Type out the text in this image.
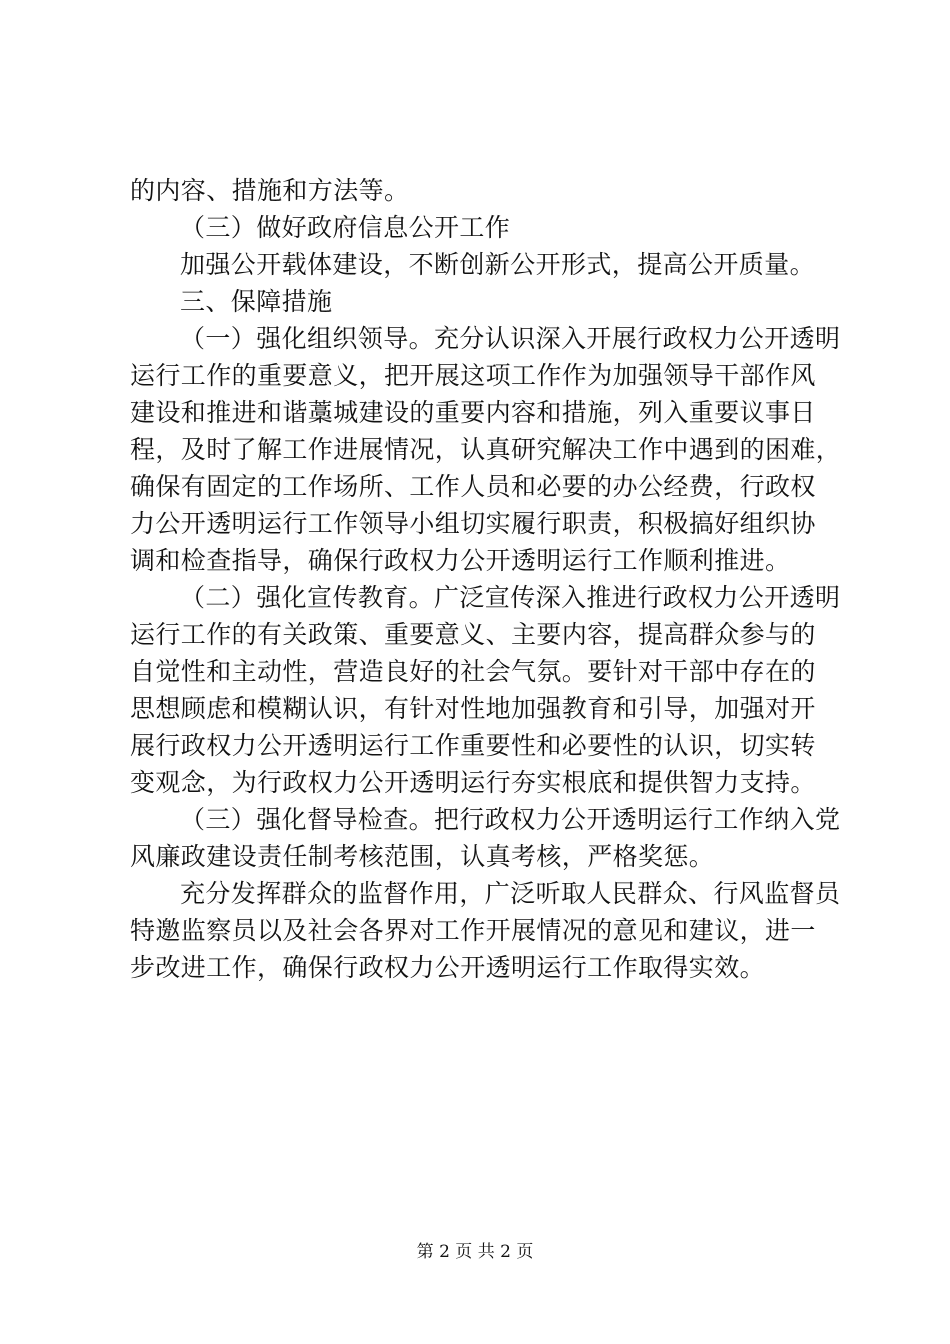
的内容、措施和方法等。
（三）做好政府信息公开工作
加强公开载体建设，不断创新公开形式，提高公开质量。
三、保障措施
（一）强化组织领导。充分认识深入开展行政权力公开透明
运行工作的重要意义，把开展这项工作作为加强领导干部作风
建设和推进和谐藁城建设的重要内容和措施，列入重要议事日
程，及时了解工作进展情况，认真研究解决工作中遇到的困难，
确保有固定的工作场所、工作人员和必要的办公经费，行政权
力公开透明运行工作领导小组切实履行职责，积极搞好组织协
调和检查指导，确保行政权力公开透明运行工作顺利推进。
（二）强化宣传教育。广泛宣传深入推进行政权力公开透明
运行工作的有关政策、重要意义、主要内容，提高群众参与的
自觉性和主动性，营造良好的社会气氛。要针对干部中存在的
思想顾虑和模糊认识，有针对性地加强教育和引导，加强对开
展行政权力公开透明运行工作重要性和必要性的认识，切实转
变观念，为行政权力公开透明运行夯实根底和提供智力支持。
（三）强化督导检查。把行政权力公开透明运行工作纳入党
风廉政建设责任制考核范围，认真考核，严格奖惩。
充分发挥群众的监督作用，广泛听取人民群众、行风监督员
特邀监察员以及社会各界对工作开展情况的意见和建议，进一
步改进工作，确保行政权力公开透明运行工作取得实效。
第 2 页 共 2 页
